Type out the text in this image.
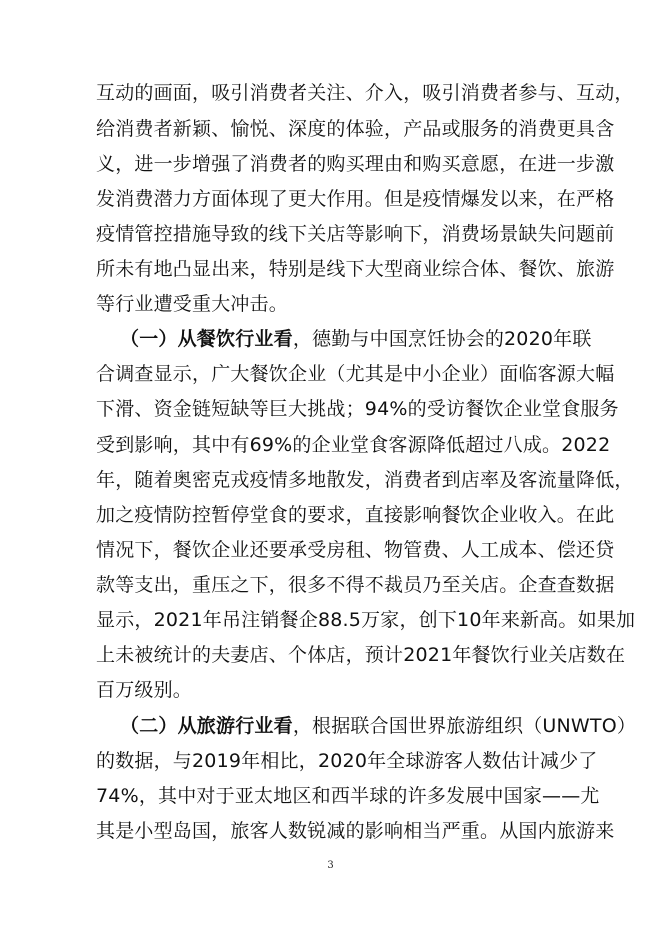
互动的画面，吸引消费者关注、介入，吸引消费者参与、互动，
给消费者新颖、愉悦、深度的体验，产品或服务的消费更具含
义，进一步增强了消费者的购买理由和购买意愿，在进一步激
发消费潜力方面体现了更大作用。但是疫情爆发以来，在严格
疫情管控措施导致的线下关店等影响下，消费场景缺失问题前
所未有地凸显出来，特别是线下大型商业综合体、餐饮、旅游
等行业遭受重大冲击。
（一）从餐饮行业看，德勤与中国烹饪协会的2020年联
合调查显示，广大餐饮企业（尤其是中小企业）面临客源大幅
下滑、资金链短缺等巨大挑战；94%的受访餐饮企业堂食服务
受到影响，其中有69%的企业堂食客源降低超过八成。2022
年，随着奥密克戎疫情多地散发，消费者到店率及客流量降低，
加之疫情防控暂停堂食的要求，直接影响餐饮企业收入。在此
情况下，餐饮企业还要承受房租、物管费、人工成本、偿还贷
款等支出，重压之下，很多不得不裁员乃至关店。企查查数据
显示，2021年吊注销餐企88.5万家，创下10年来新高。如果加
上未被统计的夫妻店、个体店，预计2021年餐饮行业关店数在
百万级别。
（二）从旅游行业看，根据联合国世界旅游组织（UNWTO）
的数据，与2019年相比，2020年全球游客人数估计减少了
74%，其中对于亚太地区和西半球的许多发展中国家——尤
其是小型岛国，旅客人数锐减的影响相当严重。从国内旅游来
3
